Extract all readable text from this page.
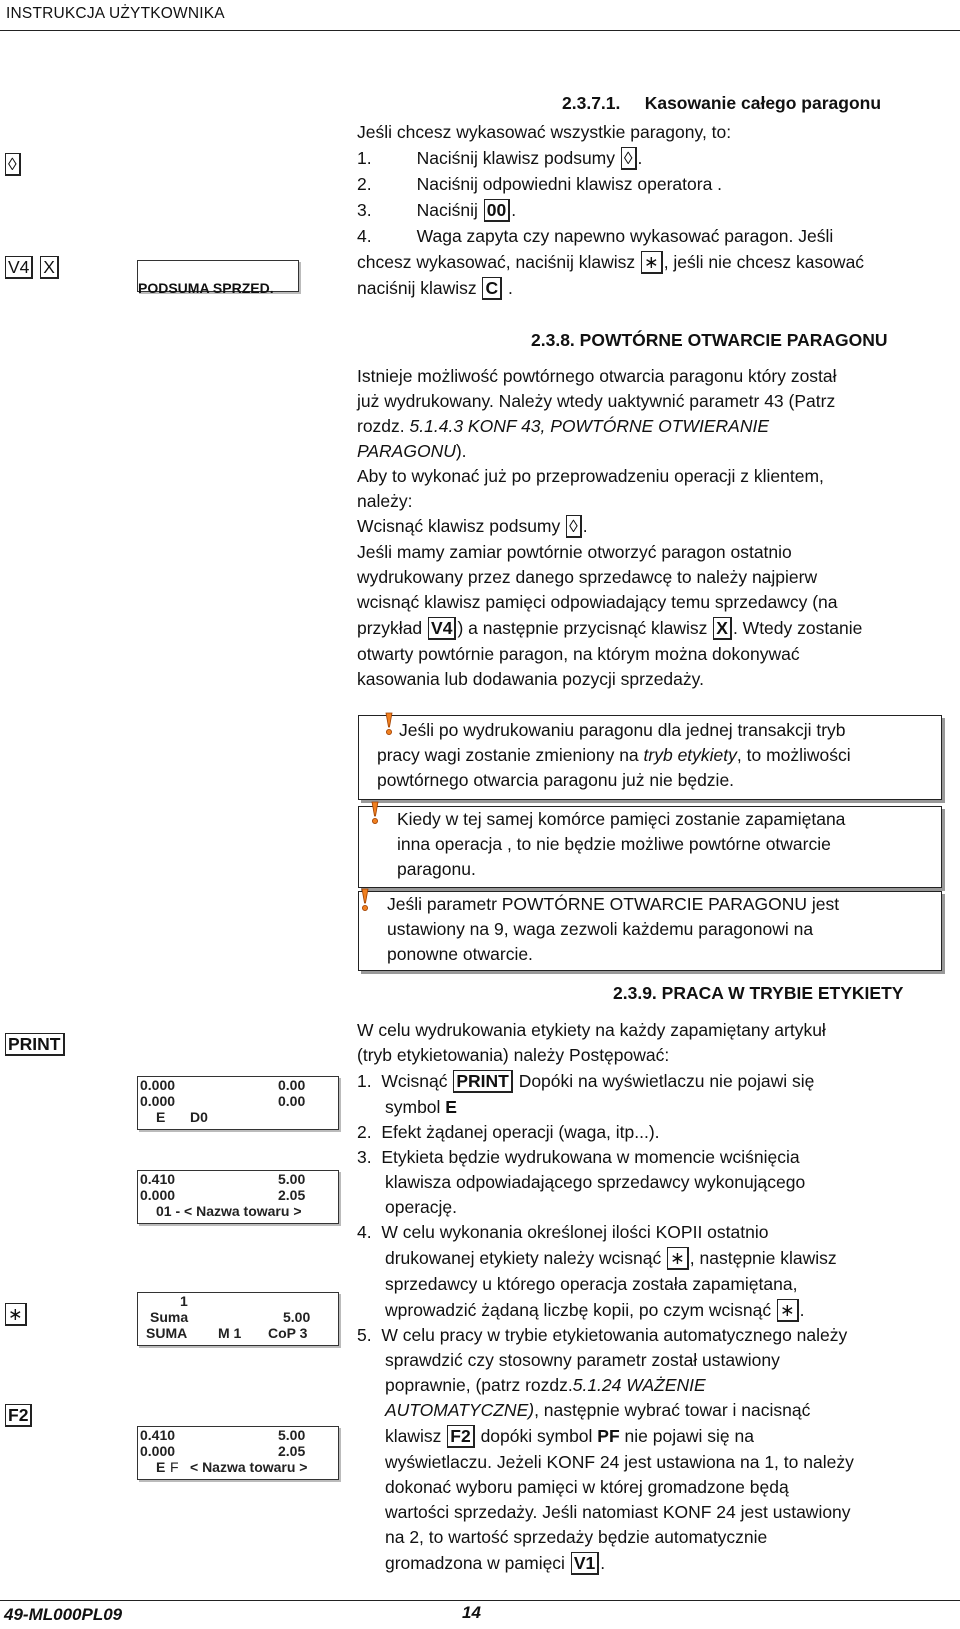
INSTRUKCJA UŻYTKOWNIKA
◊
V4 X
PODSUMA SPRZED.
2.3.7.1. Kasowanie całego paragonu
Jeśli chcesz wykasować wszystkie paragony, to:
1.	Naciśnij klawisz podsumy ◊ .
2.	Naciśnij odpowiedni klawisz operatora .
3.	Naciśnij 00 .
4.	Waga zapyta czy napewno wykasować paragon. Jeśli
chcesz wykasować, naciśnij klawisz ∗ , jeśli nie chcesz kasować
naciśnij klawisz C .
2.3.8. POWTÓRNE OTWARCIE PARAGONU
Istnieje możliwość powtórnego otwarcia paragonu który został
już wydrukowany. Należy wtedy uaktywnić parametr 43 (Patrz
rozdz. 5.1.4.3 KONF 43, POWTÓRNE OTWIERANIE
PARAGONU).
Aby to wykonać już po przeprowadzeniu operacji z klientem,
należy:
Wcisnąć klawisz podsumy ◊ .
Jeśli mamy zamiar powtórnie otworzyć paragon ostatnio
wydrukowany przez danego sprzedawcę to należy najpierw
wcisnąć klawisz pamięci odpowiadający temu sprzedawcy (na
przykład V4 ) a następnie przycisnąć klawisz X . Wtedy zostanie
otwarty powtórnie paragon, na którym można dokonywać
kasowania lub dodawania pozycji sprzedaży.
Jeśli po wydrukowaniu paragonu dla jednej transakcji tryb
pracy wagi zostanie zmieniony na tryb etykiety, to możliwości
powtórnego otwarcia paragonu już nie będzie.
Kiedy w tej samej komórce pamięci zostanie zapamiętana
inna operacja , to nie będzie możliwe powtórne otwarcie
paragonu.
Jeśli parametr POWTÓRNE OTWARCIE PARAGONU jest
ustawiony na 9, waga zezwoli każdemu paragonowi na
ponowne otwarcie.
2.3.9. PRACA W TRYBIE ETYKIETY
W celu wydrukowania etykiety na każdy zapamiętany artykuł
(tryb etykietowania) należy Postępować:
1. Wcisnąć PRINT Dopóki na wyświetlaczu nie pojawi się
symbol E
2. Efekt żądanej operacji (waga, itp...).
3. Etykieta będzie wydrukowana w momencie wciśnięcia
klawisza odpowiadającego sprzedawcy wykonującego
operację.
4. W celu wykonania określonej ilości KOPII ostatnio
drukowanej etykiety należy wcisnąć ∗ , następnie klawisz
sprzedawcy u którego operacja została zapamiętana,
wprowadzić żądaną liczbę kopii, po czym wcisnąć ∗ .
5. W celu pracy w trybie etykietowania automatycznego należy
sprawdzić czy stosowny parametr został ustawiony
poprawnie, (patrz rozdz.5.1.24 WAŻENIE
AUTOMATYCZNE), następnie wybrać towar i nacisnąć
klawisz F2 dopóki symbol PF nie pojawi się na
wyświetlaczu. Jeżeli KONF 24 jest ustawiona na 1, to należy
dokonać wyboru pamięci w której gromadzone będą
wartości sprzedaży. Jeśli natomiast KONF 24 jest ustawiony
na 2, to wartość sprzedaży będzie automatycznie
gromadzona w pamięci V1 .
PRINT
∗
F2
0.000	0.00
0.000	0.00
E D0
0.410	5.00
0.000	2.05
01 - < Nazwa towaru >
1
Suma	5.00
SUMA M 1 CoP 3
0.410	5.00
0.000	2.05
E F < Nazwa towaru >
49-ML000PL09	14
